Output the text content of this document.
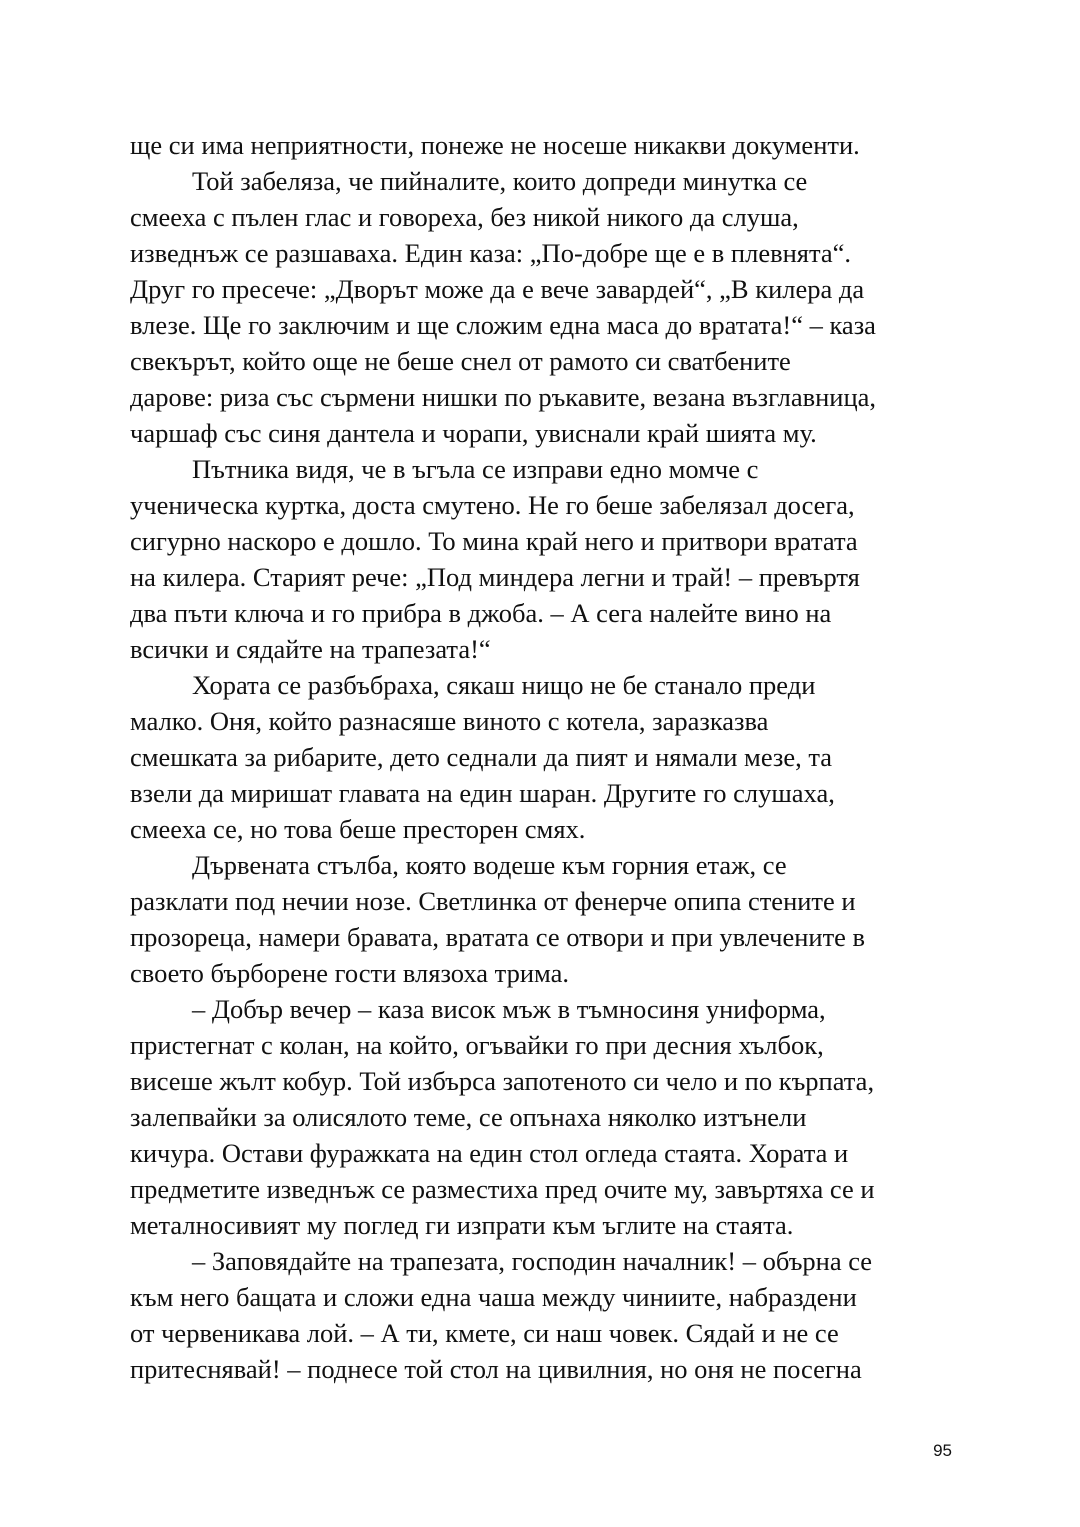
ще си има неприятности, понеже не носеше никакви документи.
Той забеляза, че пийналите, които допреди минутка се
смееха с пълен глас и говореха, без никой никого да слуша,
изведнъж се разшаваха. Един каза: „По-добре ще е в плевнята“.
Друг го пресече: „Дворът може да е вече завардей“, „В килера да
влезе. Ще го заключим и ще сложим една маса до вратата!“ – каза
свекърът, който още не беше снел от рамото си сватбените
дарове: риза със сърмени нишки по ръкавите, везана възглавница,
чаршаф със синя дантела и чорапи, увиснали край шията му.
Пътника видя, че в ъгъла се изправи едно момче с
ученическа куртка, доста смутено. Не го беше забелязал досега,
сигурно наскоро е дошло. То мина край него и притвори вратата
на килера. Старият рече: „Под миндера легни и трай! – превъртя
два пъти ключа и го прибра в джоба. – А сега налейте вино на
всички и сядайте на трапезата!“
Хората се разбъбраха, сякаш нищо не бе станало преди
малко. Оня, който разнасяше виното с котела, заразказва
смешката за рибарите, дето седнали да пият и нямали мезе, та
взели да миришат главата на един шаран. Другите го слушаха,
смееха се, но това беше престорен смях.
Дървената стълба, която водеше към горния етаж, се
разклати под нечии нозе. Светлинка от фенерче опипа стените и
прозореца, намери бравата, вратата се отвори и при увлечените в
своето бърборене гости влязоха трима.
– Добър вечер – каза висок мъж в тъмносиня униформа,
пристегнат с колан, на който, огъвайки го при десния хълбок,
висеше жълт кобур. Той избърса запотеното си чело и по кърпата,
залепвайки за олисялото теме, се опънаха няколко изтънели
кичура. Остави фуражката на един стол огледа стаята. Хората и
предметите изведнъж се разместиха пред очите му, завъртяха се и
металносивият му поглед ги изпрати към ъглите на стаята.
– Заповядайте на трапезата, господин началник! – обърна се
към него бащата и сложи една чаша между чиниите, набраздени
от червеникава лой. – А ти, кмете, си наш човек. Сядай и не се
притеснявай! – поднесе той стол на цивилния, но оня не посегна
95
